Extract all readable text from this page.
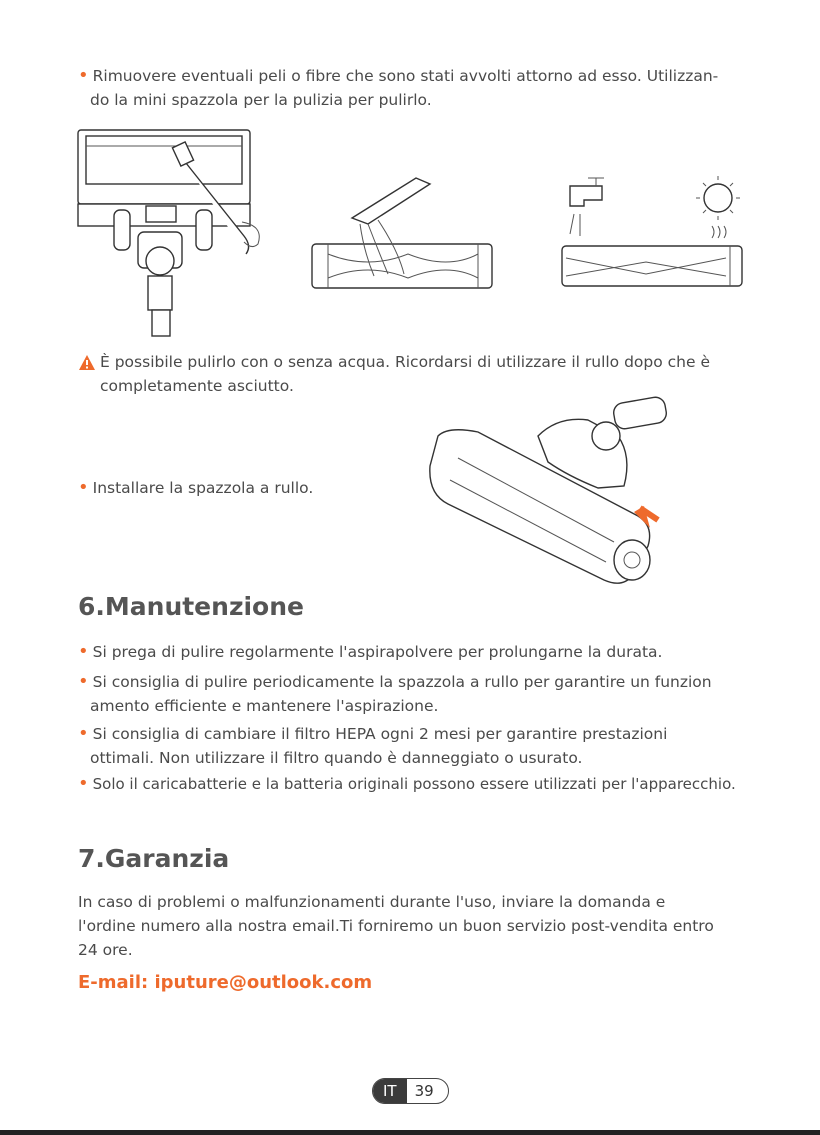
• Rimuovere eventuali peli o fibre che sono stati avvolti attorno ad esso. Utilizzan-
do la mini spazzola per la pulizia per pulirlo.
È possibile pulirlo con o senza acqua. Ricordarsi di utilizzare il rullo dopo che è
completamente asciutto.
• Installare la spazzola a rullo.
6.Manutenzione
• Si prega di pulire regolarmente l'aspirapolvere per prolungarne la durata.
• Si consiglia di pulire periodicamente la spazzola a rullo per garantire un funzion
amento efficiente e mantenere l'aspirazione.
• Si consiglia di cambiare il filtro HEPA ogni 2 mesi per garantire prestazioni
ottimali. Non utilizzare il filtro quando è danneggiato o usurato.
• Solo il caricabatterie e la batteria originali possono essere utilizzati per l'apparecchio.
7.Garanzia
In caso di problemi o malfunzionamenti durante l'uso, inviare la domanda e
l'ordine numero alla nostra email.Ti forniremo un buon servizio post-vendita entro
24 ore.
E-mail: iputure@outlook.com
IT	39
